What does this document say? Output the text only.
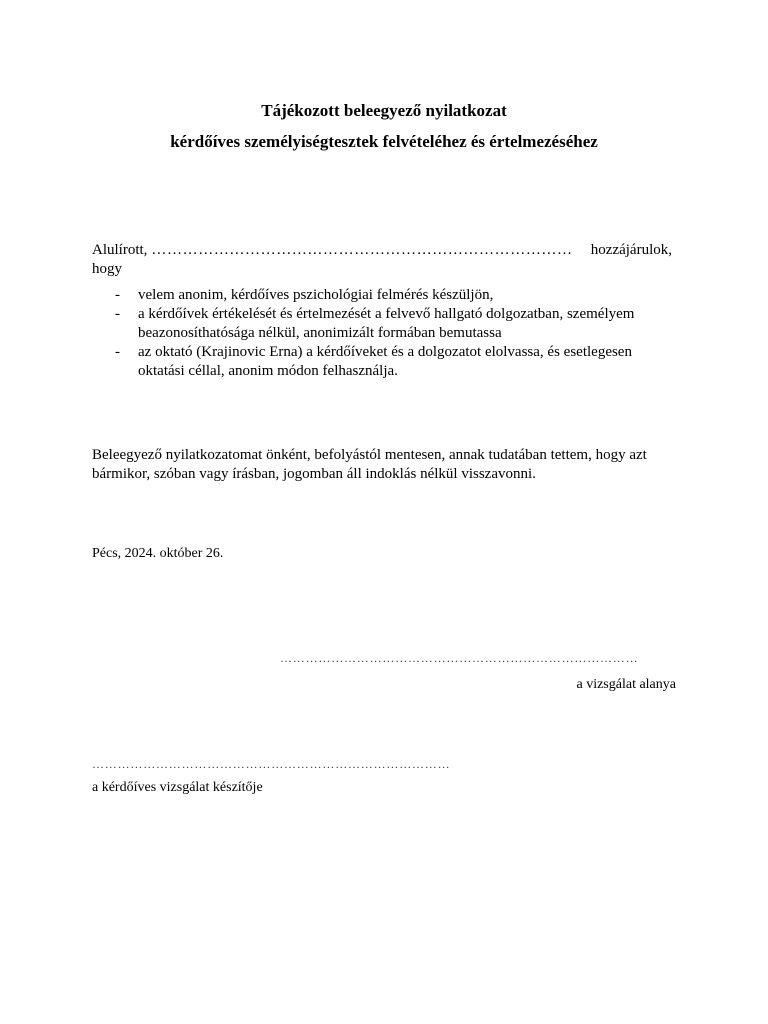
Tájékozott beleegyező nyilatkozat
kérdőíves személyiségtesztek felvételéhez és értelmezéséhez
Alulírott, ………………………………………………………………………	hozzájárulok,
hogy
- velem anonim, kérdőíves pszichológiai felmérés készüljön,
- a kérdőívek értékelését és értelmezését a felvevő hallgató dolgozatban, személyem beazonosíthatósága nélkül, anonimizált formában bemutassa
- az oktató (Krajinovic Erna) a kérdőíveket és a dolgozatot elolvassa, és esetlegesen oktatási céllal, anonim módon felhasználja.
Beleegyező nyilatkozatomat önként, befolyástól mentesen, annak tudatában tettem, hogy azt bármikor, szóban vagy írásban, jogomban áll indoklás nélkül visszavonni.
Pécs, 2024. október 26.
…………………………………………………………………………
a vizsgálat alanya
…………………………………………………………………………
a kérdőíves vizsgálat készítője
